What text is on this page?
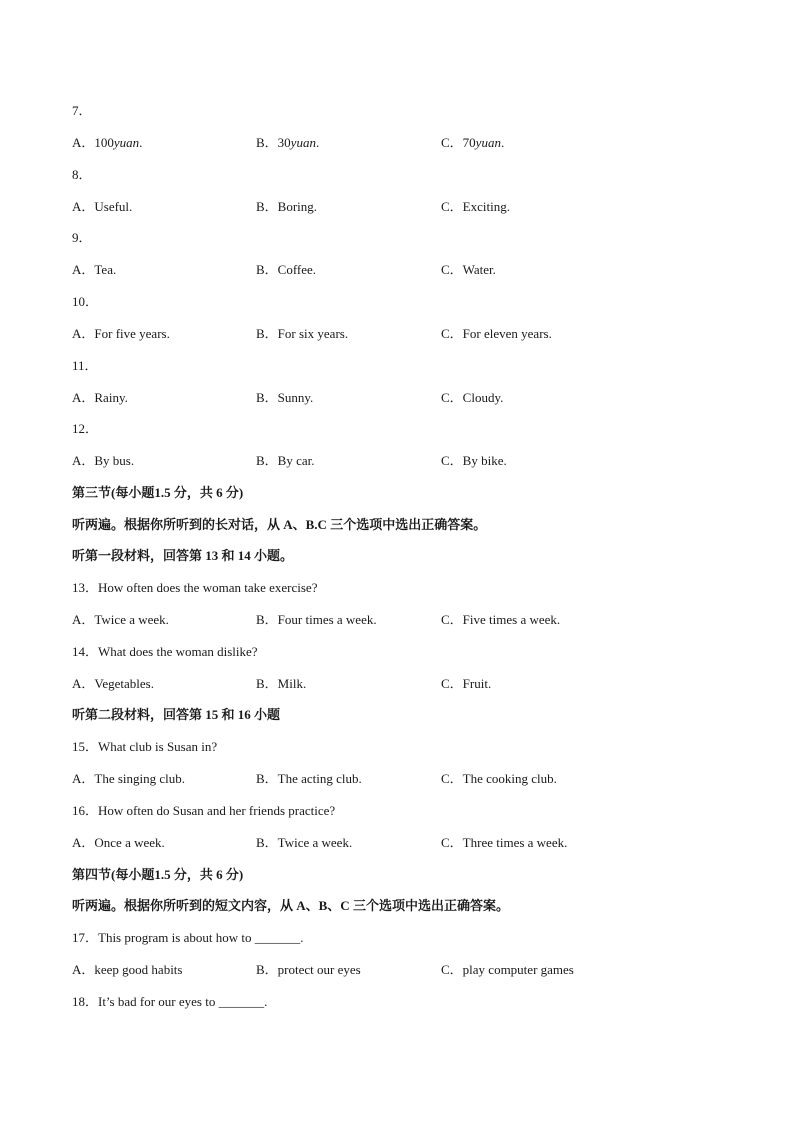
7．
A．100yuan.	B．30yuan.	C．70yuan.
8．
A．Useful.	B．Boring.	C．Exciting.
9．
A．Tea.	B．Coffee.	C．Water.
10．
A．For five years.	B．For six years.	C．For eleven years.
11．
A．Rainy.	B．Sunny.	C．Cloudy.
12．
A．By bus.	B．By car.	C．By bike.
第三节(每小题1.5 分，共 6 分)
听两遍。根据你所听到的长对话，从 A、B.C 三个选项中选出正确答案。
听第一段材料，回答第 13 和 14 小题。
13．How often does the woman take exercise?
A．Twice a week.	B．Four times a week.	C．Five times a week.
14．What does the woman dislike?
A．Vegetables.	B．Milk.	C．Fruit.
听第二段材料，回答第 15 和 16 小题
15．What club is Susan in?
A．The singing club.	B．The acting club.	C．The cooking club.
16．How often do Susan and her friends practice?
A．Once a week.	B．Twice a week.	C．Three times a week.
第四节(每小题1.5 分，共 6 分)
听两遍。根据你所听到的短文内容，从 A、B、C 三个选项中选出正确答案。
17．This program is about how to _______.
A．keep good habits	B．protect our eyes	C．play computer games
18．It’s bad for our eyes to _______.
